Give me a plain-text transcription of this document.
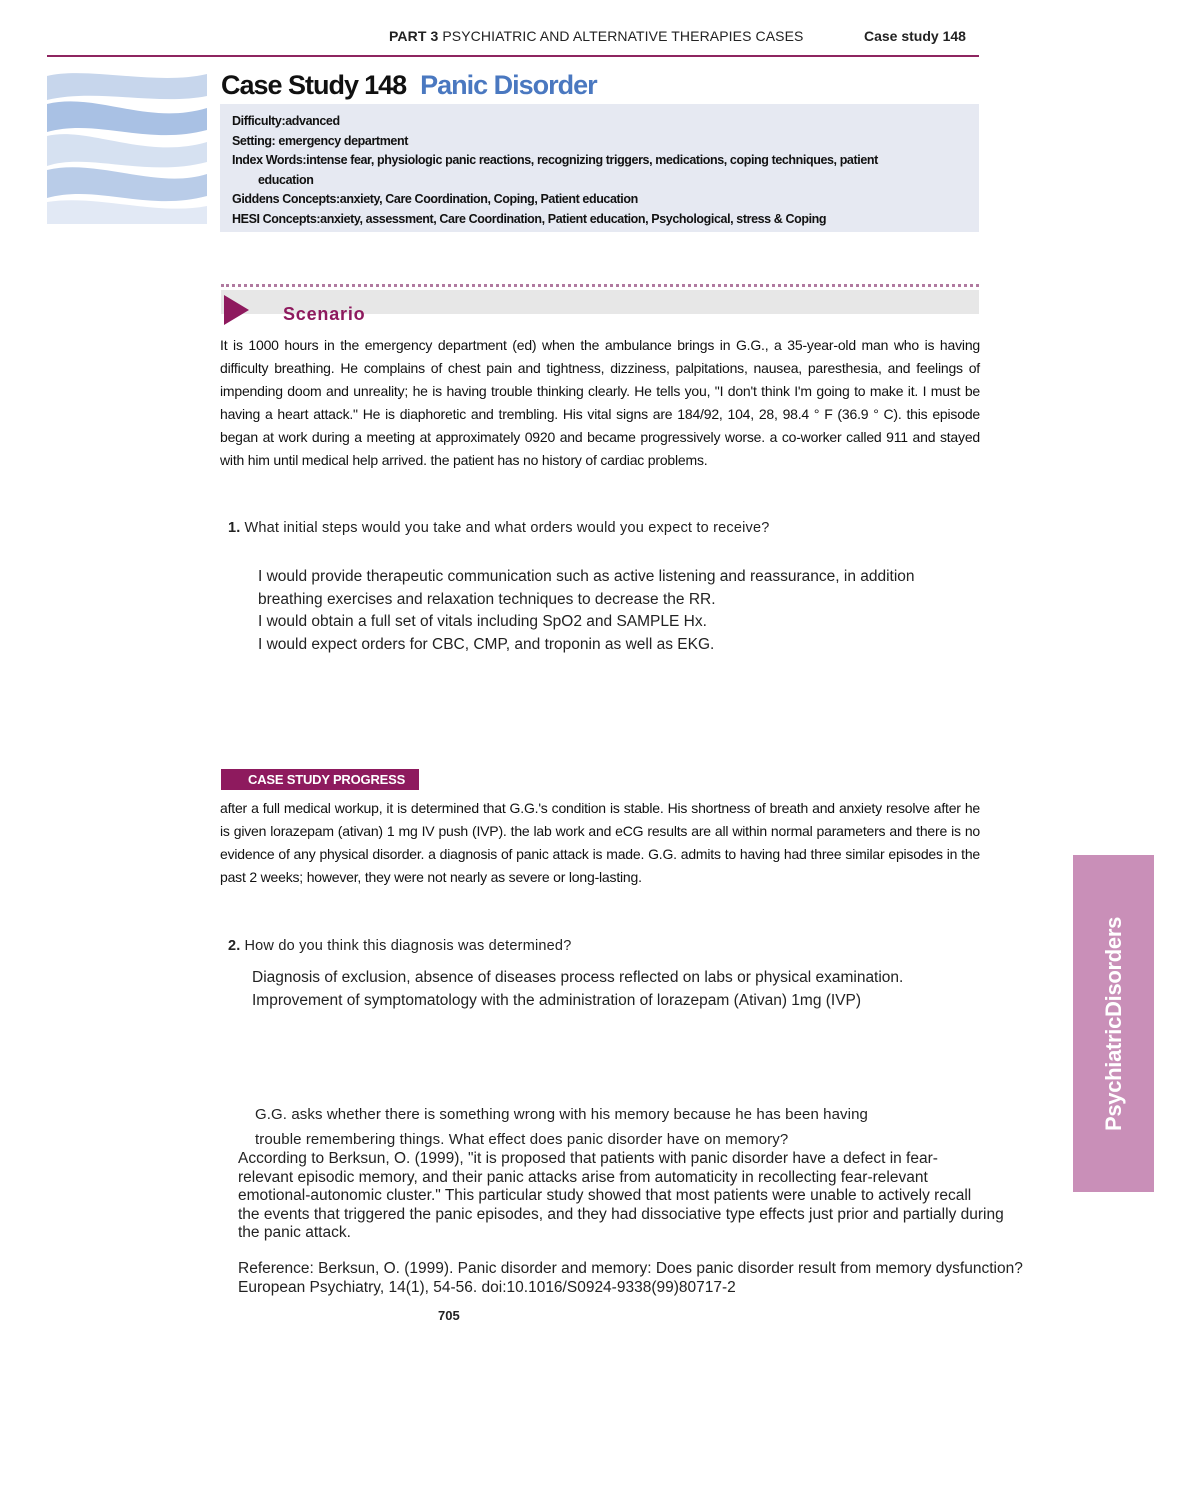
PART 3 PSYCHIATRIC AND ALTERNATIVE THERAPIES CASES	Case study 148
Case Study 148 Panic Disorder
Difficulty:advanced
Setting: emergency department
Index Words:intense fear, physiologic panic reactions, recognizing triggers, medications, coping techniques, patient
education
Giddens Concepts:anxiety, Care Coordination, Coping, Patient education
HESI Concepts:anxiety, assessment, Care Coordination, Patient education, Psychological, stress & Coping
Scenario
It is 1000 hours in the emergency department (ed) when the ambulance brings in G.G., a 35-year-old man who is having difficulty breathing. He complains of chest pain and tightness, dizziness, palpitations, nausea, paresthesia, and feelings of impending doom and unreality; he is having trouble thinking clearly. He tells you, "I don't think I'm going to make it. I must be having a heart attack." He is diaphoretic and trembling. His vital signs are 184/92, 104, 28, 98.4 ° F (36.9 ° C). this episode began at work during a meeting at approximately 0920 and became progressively worse. a co-worker called 911 and stayed with him until medical help arrived. the patient has no history of cardiac problems.
1. What initial steps would you take and what orders would you expect to receive?
I would provide therapeutic communication such as active listening and reassurance, in addition
breathing exercises and relaxation techniques to decrease the RR.
I would obtain a full set of vitals including SpO2 and SAMPLE Hx.
I would expect orders for CBC, CMP, and troponin as well as EKG.
CASE STUDY PROGRESS
after a full medical workup, it is determined that G.G.'s condition is stable. His shortness of breath and anxiety resolve after he is given lorazepam (ativan) 1 mg IV push (IVP). the lab work and eCG results are all within normal parameters and there is no evidence of any physical disorder. a diagnosis of panic attack is made. G.G. admits to having had three similar episodes in the past 2 weeks; however, they were not nearly as severe or long-lasting.
2. How do you think this diagnosis was determined?
Diagnosis of exclusion, absence of diseases process reflected on labs or physical examination.
Improvement of symptomatology with the administration of lorazepam (Ativan) 1mg (IVP)
G.G. asks whether there is something wrong with his memory because he has been having
trouble remembering things. What effect does panic disorder have on memory?
According to Berksun, O. (1999), "it is proposed that patients with panic disorder have a defect in fear-
relevant episodic memory, and their panic attacks arise from automaticity in recollecting fear-relevant
emotional-autonomic cluster." This particular study showed that most patients were unable to actively recall
the events that triggered the panic episodes, and they had dissociative type effects just prior and partially during
the panic attack.
Reference: Berksun, O. (1999). Panic disorder and memory: Does panic disorder result from memory dysfunction?
European Psychiatry, 14(1), 54-56. doi:10.1016/S0924-9338(99)80717-2
705
PsychiatricDisorders
